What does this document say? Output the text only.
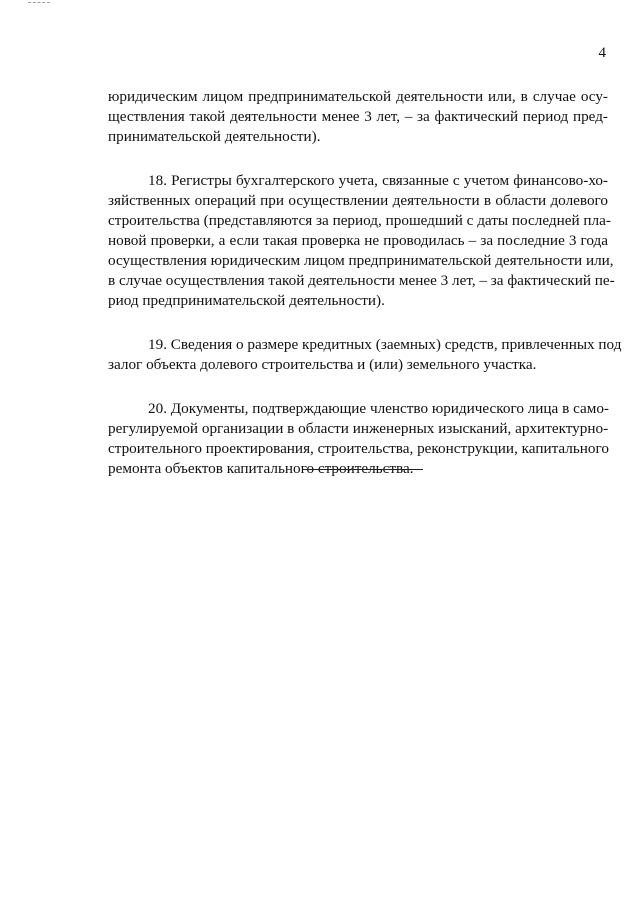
4

юридическим лицом предпринимательской деятельности или, в случае осу-
ществления такой деятельности менее 3 лет, – за фактический период пред-
принимательской деятельности).

18. Регистры бухгалтерского учета, связанные с учетом финансово-хо-
зяйственных операций при осуществлении деятельности в области долевого
строительства (представляются за период, прошедший с даты последней пла-
новой проверки, а если такая проверка не проводилась – за последние 3 года
осуществления юридическим лицом предпринимательской деятельности или,
в случае осуществления такой деятельности менее 3 лет, – за фактический пе-
риод предпринимательской деятельности).

19. Сведения о размере кредитных (заемных) средств, привлеченных под
залог объекта долевого строительства и (или) земельного участка.

20. Документы, подтверждающие членство юридического лица в само-
регулируемой организации в области инженерных изысканий, архитектурно-
строительного проектирования, строительства, реконструкции, капитального
ремонта объектов капитального строительства.
